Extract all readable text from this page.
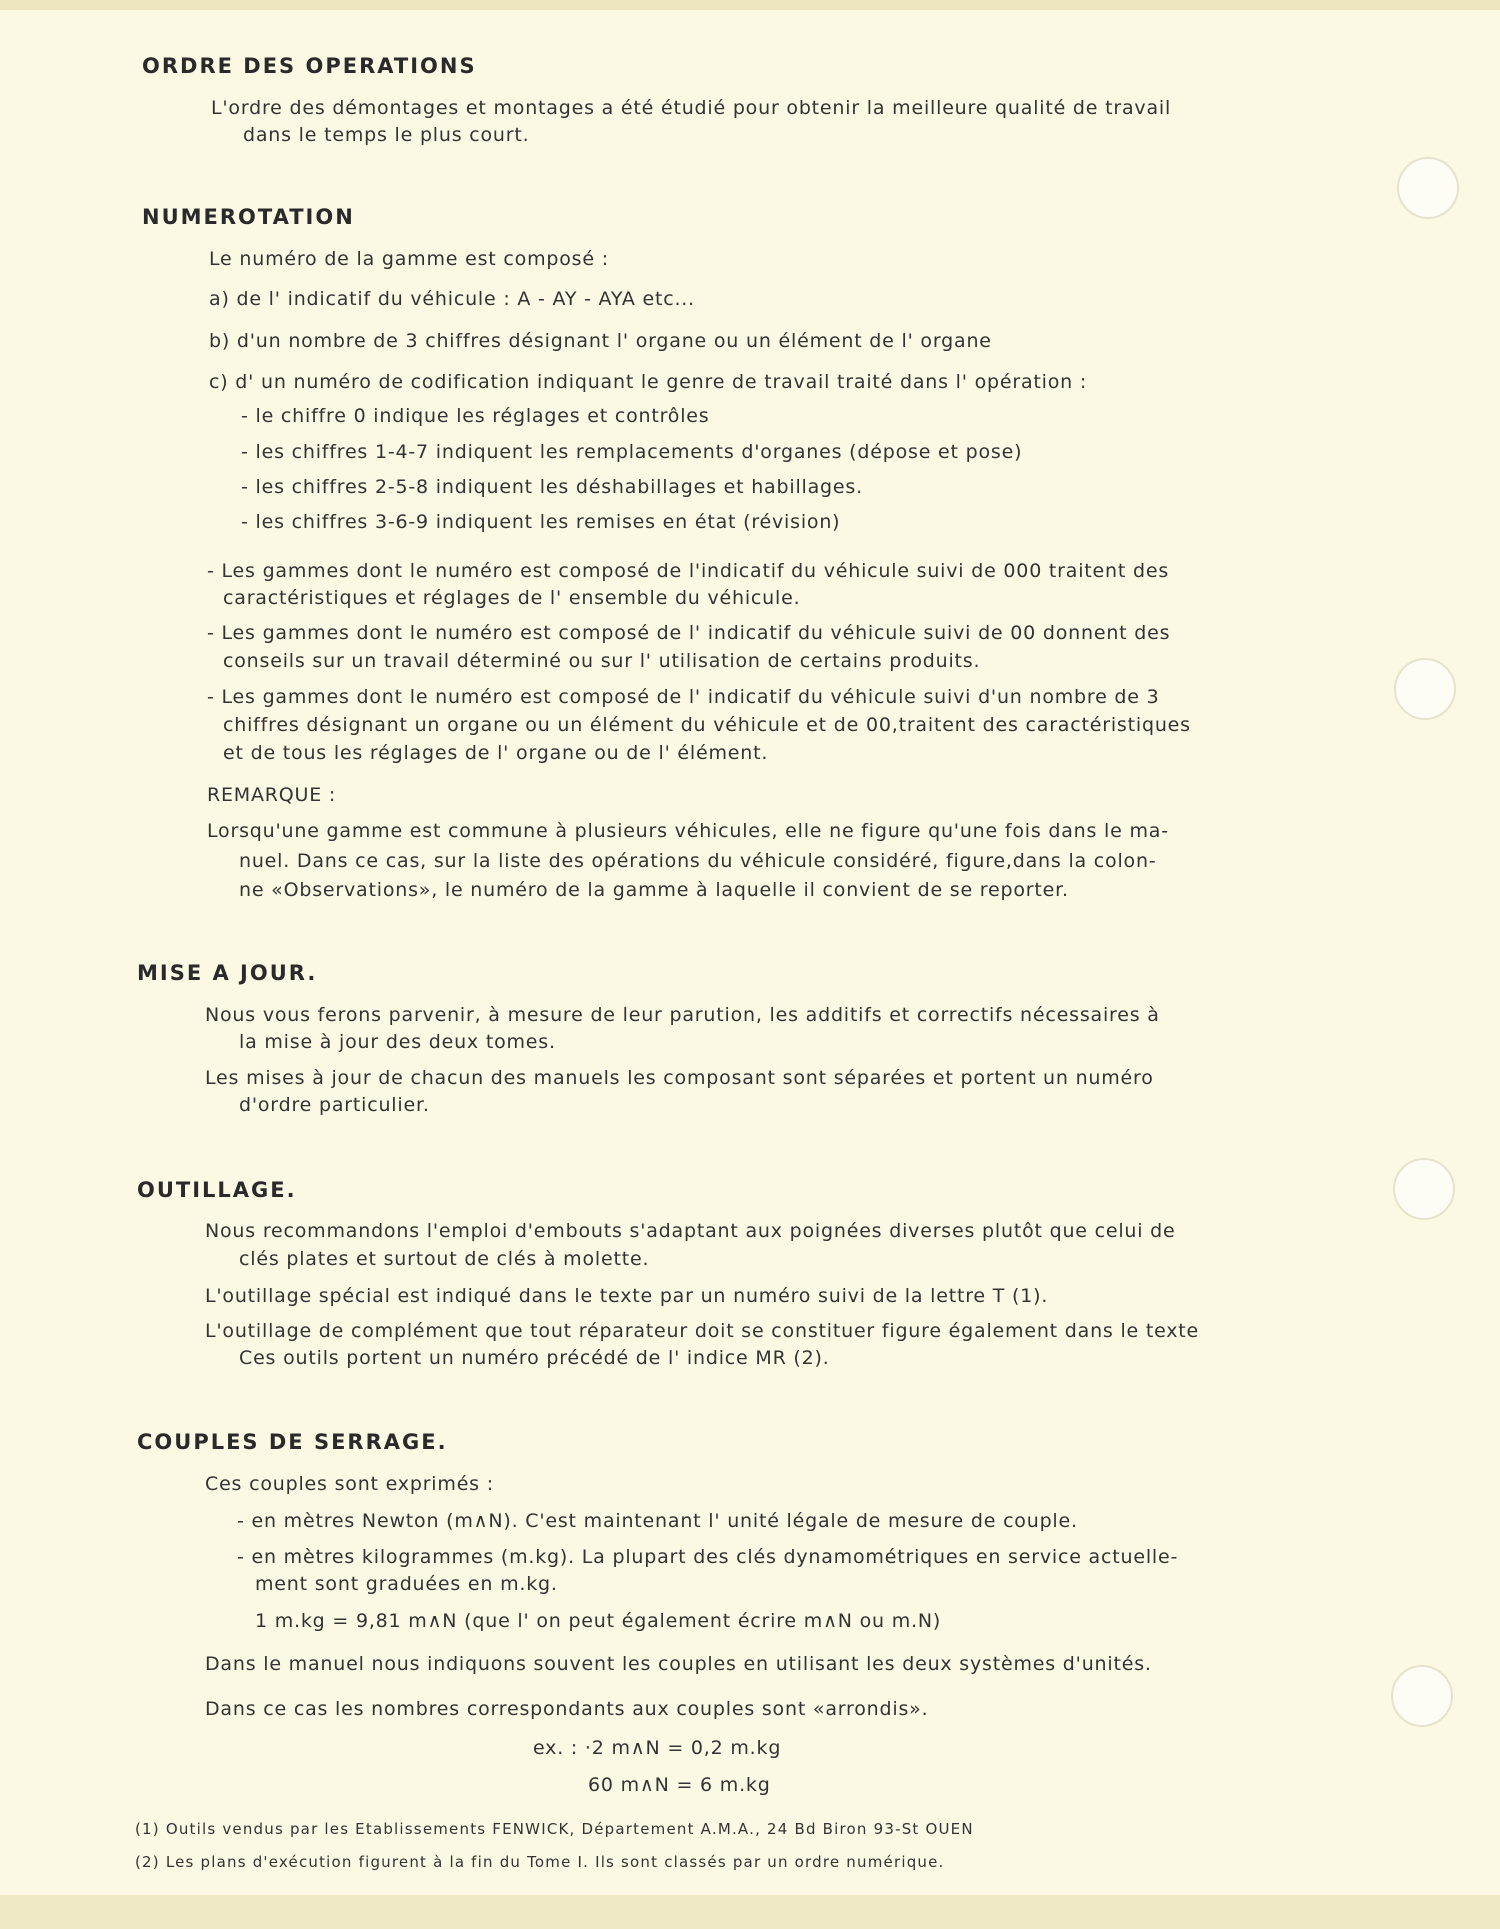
ORDRE DES OPERATIONS
L'ordre des démontages et montages a été étudié pour obtenir la meilleure qualité de travail
dans le temps le plus court.
NUMEROTATION
Le numéro de la gamme est composé :
a) de l' indicatif du véhicule : A - AY - AYA etc...
b) d'un nombre de 3 chiffres désignant l' organe ou un élément de l' organe
c) d' un numéro de codification indiquant le genre de travail traité dans l' opération :
- le chiffre 0 indique les réglages et contrôles
- les chiffres 1-4-7 indiquent les remplacements d'organes (dépose et pose)
- les chiffres 2-5-8 indiquent les déshabillages et habillages.
- les chiffres 3-6-9 indiquent les remises en état (révision)
- Les gammes dont le numéro est composé de l'indicatif du véhicule suivi de 000 traitent des
caractéristiques et réglages de l' ensemble du véhicule.
- Les gammes dont le numéro est composé de l' indicatif du véhicule suivi de 00 donnent des
conseils sur un travail déterminé ou sur l' utilisation de certains produits.
- Les gammes dont le numéro est composé de l' indicatif du véhicule suivi d'un nombre de 3
chiffres désignant un organe ou un élément du véhicule et de 00,traitent des caractéristiques
et de tous les réglages de l' organe ou de l' élément.
REMARQUE :
Lorsqu'une gamme est commune à plusieurs véhicules, elle ne figure qu'une fois dans le ma-
nuel. Dans ce cas, sur la liste des opérations du véhicule considéré, figure,dans la colon-
ne «Observations», le numéro de la gamme à laquelle il convient de se reporter.
MISE A JOUR.
Nous vous ferons parvenir, à mesure de leur parution, les additifs et correctifs nécessaires à
la mise à jour des deux tomes.
Les mises à jour de chacun des manuels les composant sont séparées et portent un numéro
d'ordre particulier.
OUTILLAGE.
Nous recommandons l'emploi d'embouts s'adaptant aux poignées diverses plutôt que celui de
clés plates et surtout de clés à molette.
L'outillage spécial est indiqué dans le texte par un numéro suivi de la lettre T (1).
L'outillage de complément que tout réparateur doit se constituer figure également dans le texte
Ces outils portent un numéro précédé de l' indice MR (2).
COUPLES DE SERRAGE.
Ces couples sont exprimés :
- en mètres Newton (m∧N). C'est maintenant l' unité légale de mesure de couple.
- en mètres kilogrammes (m.kg). La plupart des clés dynamométriques en service actuelle-
ment sont graduées en m.kg.
1 m.kg = 9,81 m∧N (que l' on peut également écrire m∧N ou m.N)
Dans le manuel nous indiquons souvent les couples en utilisant les deux systèmes d'unités.
Dans ce cas les nombres correspondants aux couples sont «arrondis».
ex. : ·2 m∧N = 0,2 m.kg
60 m∧N = 6 m.kg
(1) Outils vendus par les Etablissements FENWICK, Département A.M.A., 24 Bd Biron 93-St OUEN
(2) Les plans d'exécution figurent à la fin du Tome I. Ils sont classés par un ordre numérique.
